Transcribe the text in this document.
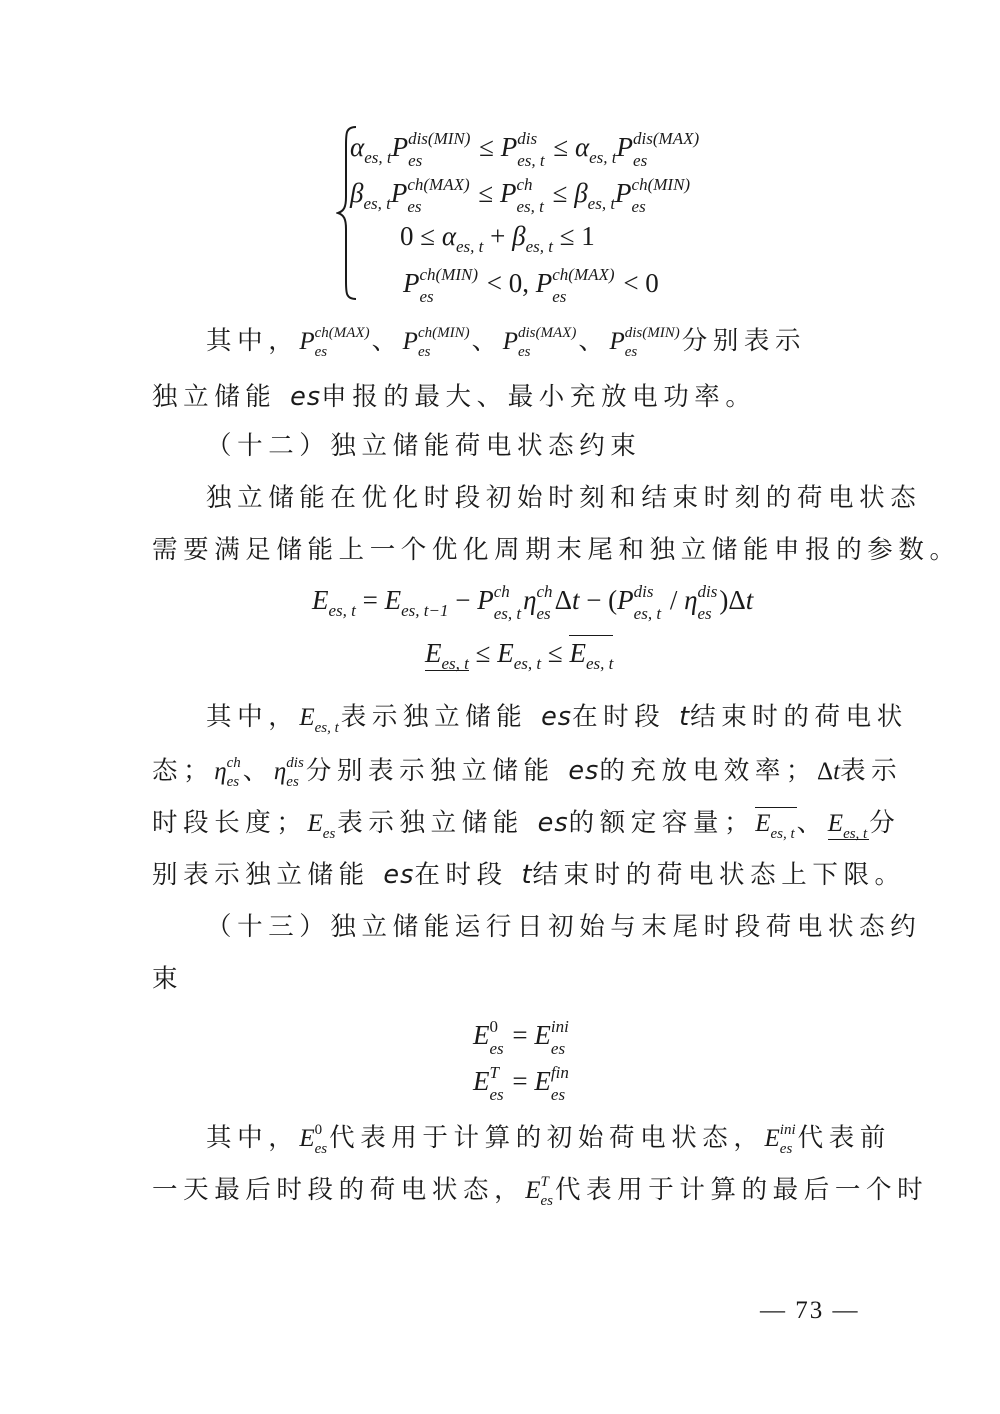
$\alpha_{es, t}P$ dis(MIN)
es	≤ P dis
es, $t \le \alpha_{es, t}P$ dis(MAX)
es
$\beta_{es, t}P$ ch(MAX)
es	≤ P ch
es, $t \le \beta_{es, t}P$ ch(MIN)
es
$0 \le \alpha_{es, t} + \beta_{es, t} \le 1$
P ch(MIN)
es	< 0, P ch(MAX)
es	< 0
其中，P ch(MAX)
es	、P ch(MIN)
es	、P dis(MAX)
es	、P dis(MIN)
es	分别表示
独立储能 es申报的最大、最小充放电功率。
（十二）独立储能荷电状态约束
独立储能在优化时段初始时刻和结束时刻的荷电状态
需要满足储能上一个优化周期末尾和独立储能申报的参数。
$E_{es, t} = E_{es, t-1} - P$ ch
es, t η ch
es Δt − (P dis
es, t / η dis
es )Δt
$E_{es, t} \le E_{es, t} \le E_{es, t}$
其中，E
es, t 表示独立储能 es在时段 t结束时的荷电状
态；η ch
es 、η dis
es 分别表示独立储能 es的充放电效率；Δt表示
时段长度；E
es 表示独立储能 es的额定容量；E
es, t 、E
es, t 分
别表示独立储能 es在时段 t结束时的荷电状态上下限。
（十三）独立储能运行日初始与末尾时段荷电状态约
束
E 0
es = E ini
es
E T
es = E fin
es
其中，E 0
es 代表用于计算的初始荷电状态，E ini
es 代表前
一天最后时段的荷电状态，E T
es 代表用于计算的最后一个时
— 73 —
